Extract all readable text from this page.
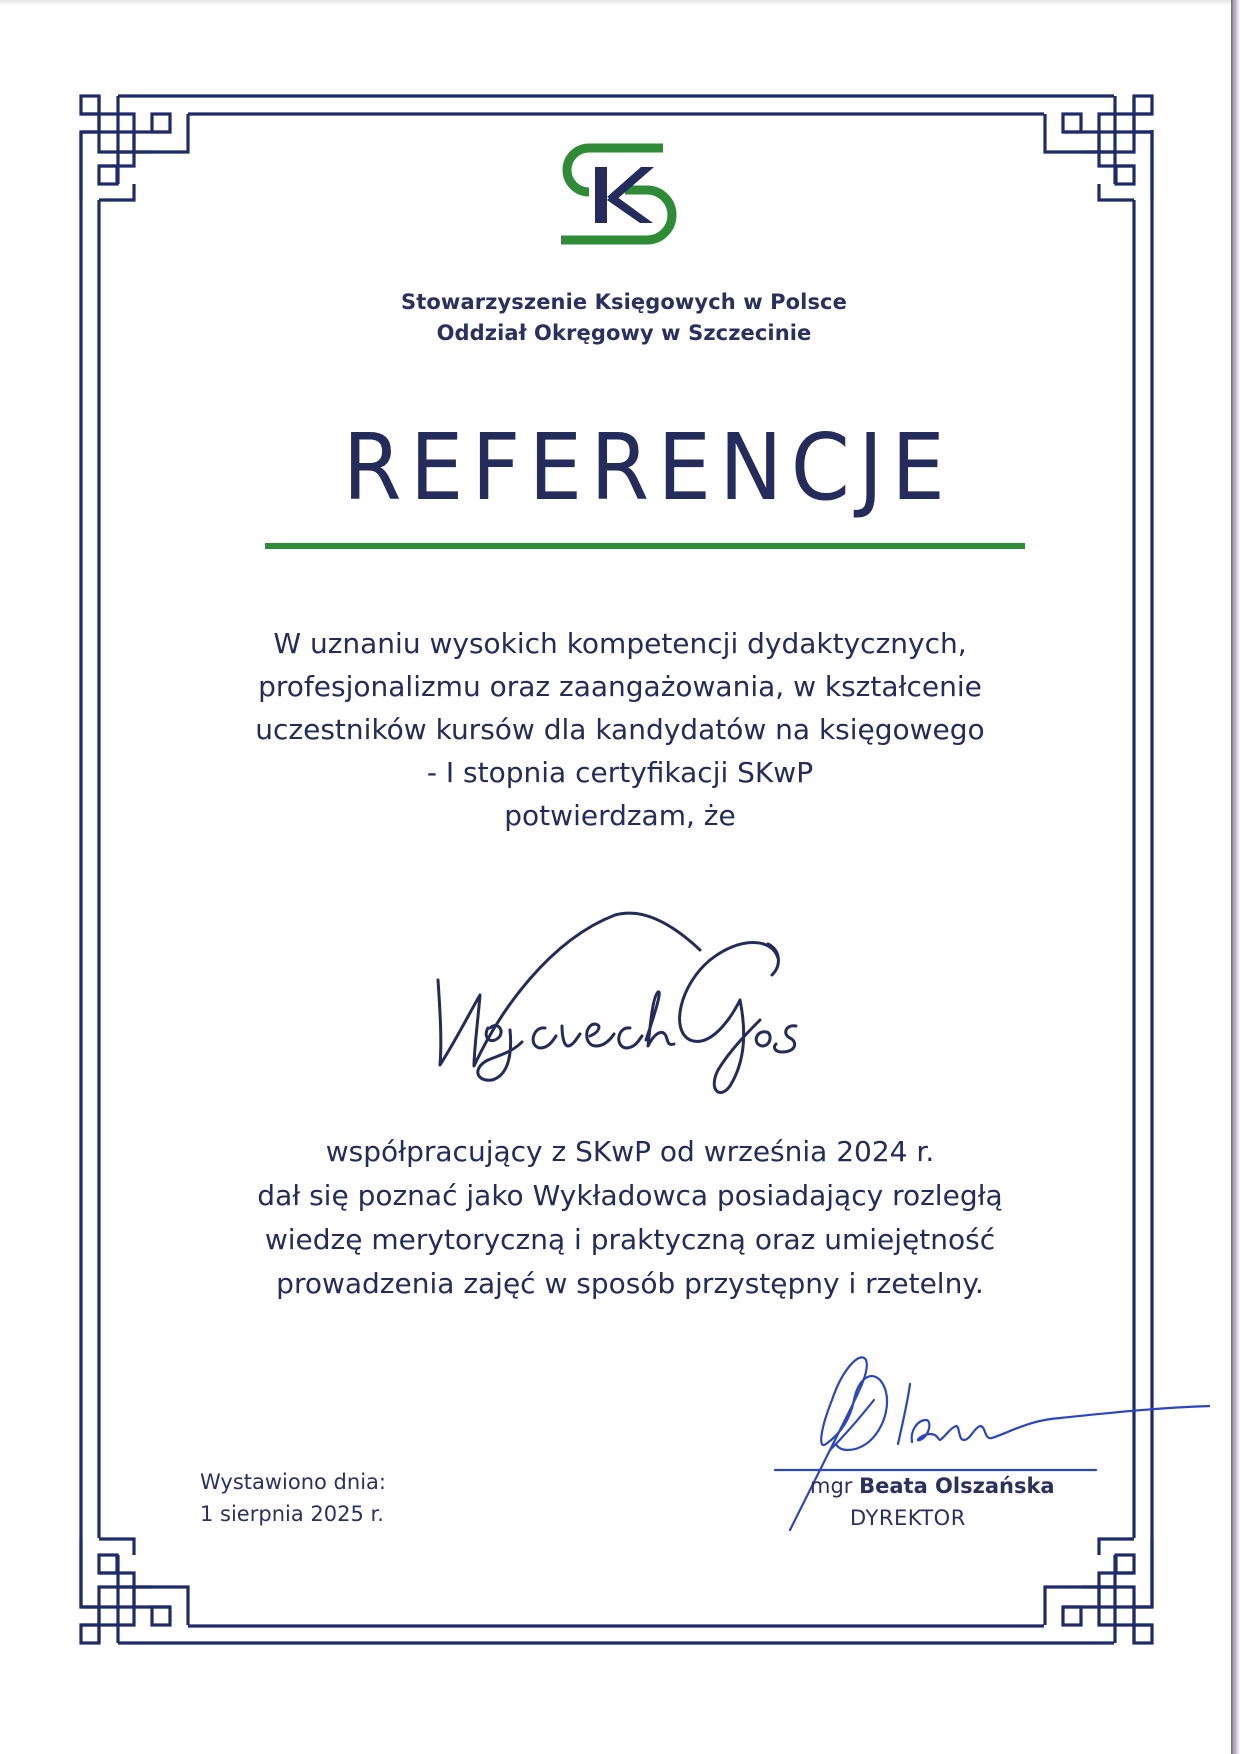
Stowarzyszenie Księgowych w Polsce
Oddział Okręgowy w Szczecinie
REFERENCJE
W uznaniu wysokich kompetencji dydaktycznych,
profesjonalizmu oraz zaangażowania, w kształcenie
uczestników kursów dla kandydatów na księgowego
- I stopnia certyfikacji SKwP
potwierdzam, że
współpracujący z SKwP od września 2024 r.
dał się poznać jako Wykładowca posiadający rozległą
wiedzę merytoryczną i praktyczną oraz umiejętność
prowadzenia zajęć w sposób przystępny i rzetelny.
Wystawiono dnia:
1 sierpnia 2025 r.
mgr Beata Olszańska
DYREKTOR
